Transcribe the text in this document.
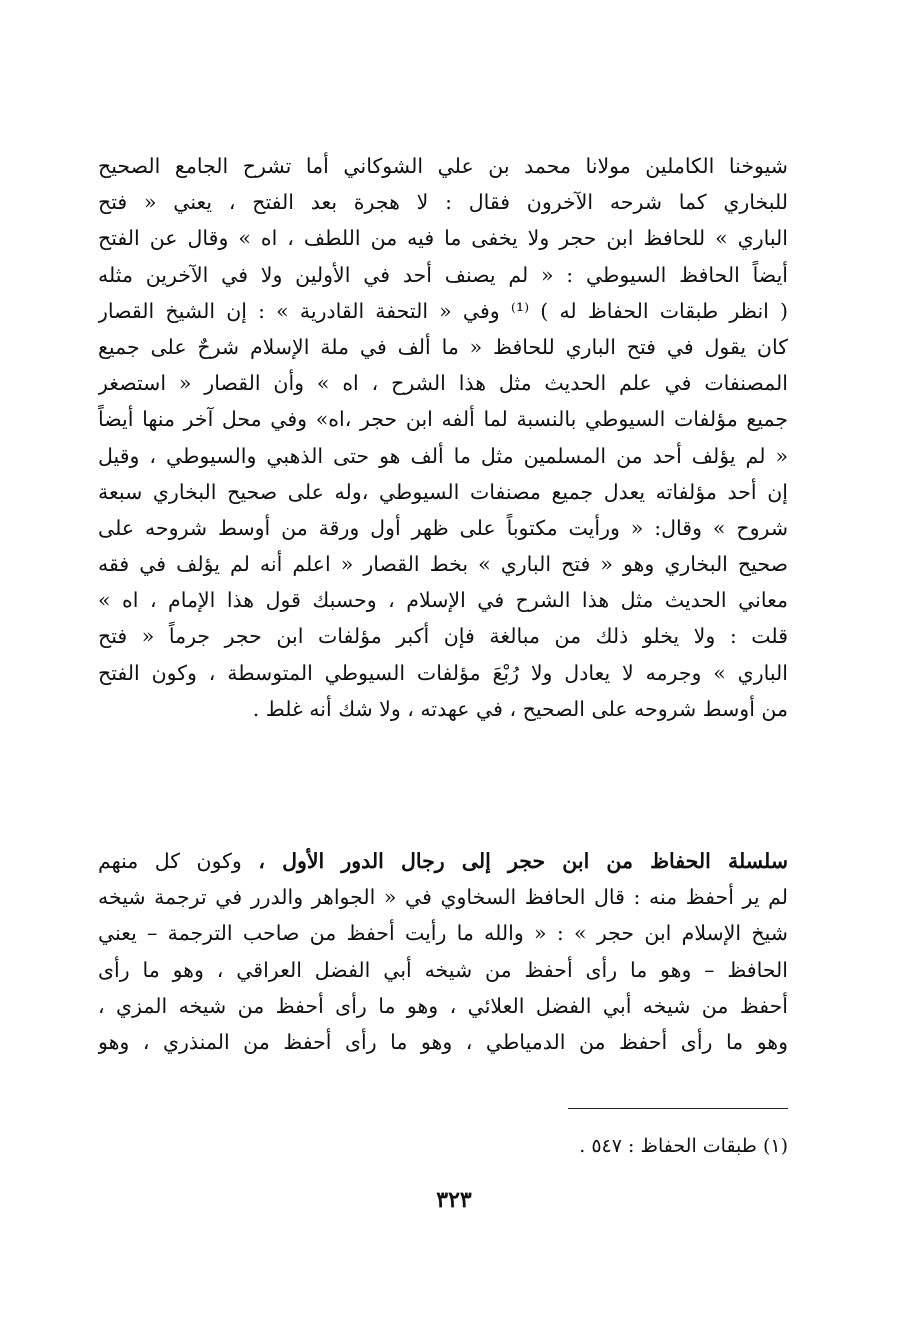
شيوخنا الكاملين مولانا محمد بن علي الشوكاني أما تشرح الجامع الصحيح
للبخاري كما شرحه الآخرون فقال : لا هجرة بعد الفتح ، يعني « فتح
الباري » للحافظ ابن حجر ولا يخفى ما فيه من اللطف ، اه » وقال عن الفتح
أيضاً الحافظ السيوطي : « لم يصنف أحد في الأولين ولا في الآخرين مثله
( انظر طبقات الحفاظ له ) ⁽¹⁾ وفي « التحفة القادرية » : إن الشيخ القصار
كان يقول في فتح الباري للحافظ « ما ألف في ملة الإسلام شرحٌ على جميع
المصنفات في علم الحديث مثل هذا الشرح ، اه » وأن القصار « استصغر
جميع مؤلفات السيوطي بالنسبة لما ألفه ابن حجر ،اه» وفي محل آخر منها أيضاً
« لم يؤلف أحد من المسلمين مثل ما ألف هو حتى الذهبي والسيوطي ، وقيل
إن أحد مؤلفاته يعدل جميع مصنفات السيوطي ،وله على صحيح البخاري سبعة
شروح » وقال: « ورأيت مكتوباً على ظهر أول ورقة من أوسط شروحه على
صحيح البخاري وهو « فتح الباري » بخط القصار « اعلم أنه لم يؤلف في فقه
معاني الحديث مثل هذا الشرح في الإسلام ، وحسبك قول هذا الإمام ، اه »
قلت : ولا يخلو ذلك من مبالغة فإن أكبر مؤلفات ابن حجر جرماً « فتح
الباري » وجرمه لا يعادل ولا رُبْعَ مؤلفات السيوطي المتوسطة ، وكون الفتح
من أوسط شروحه على الصحيح ، في عهدته ، ولا شك أنه غلط .
سلسلة الحفاظ من ابن حجر إلى رجال الدور الأول ، وكون كل منهم
لم ير أحفظ منه : قال الحافظ السخاوي في « الجواهر والدرر في ترجمة شيخه
شيخ الإسلام ابن حجر » : « والله ما رأيت أحفظ من صاحب الترجمة – يعني
الحافظ – وهو ما رأى أحفظ من شيخه أبي الفضل العراقي ، وهو ما رأى
أحفظ من شيخه أبي الفضل العلائي ، وهو ما رأى أحفظ من شيخه المزي ،
وهو ما رأى أحفظ من الدمياطي ، وهو ما رأى أحفظ من المنذري ، وهو
(١) طبقات الحفاظ : ٥٤٧ .
٣٢٣
